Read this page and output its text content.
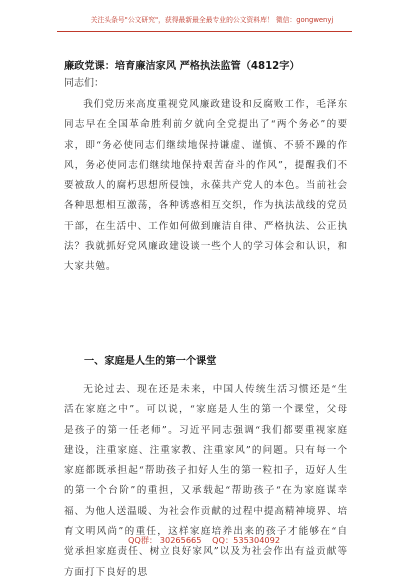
关注头条号"公文研究"，获得最新最全最专业的公文资料库！ 微信：gongwenyj
廉政党课：培育廉洁家风 严格执法监管（4812字）
同志们：
我们党历来高度重视党风廉政建设和反腐败工作，毛泽东同志早在全国革命胜利前夕就向全党提出了“两个务必”的要求，即“务必使同志们继续地保持谦虚、谨慎、不骄不躁的作风，务必使同志们继续地保持艰苦奋斗的作风”，提醒我们不要被敌人的腐朽思想所侵蚀，永葆共产党人的本色。当前社会各种思想相互激荡，各种诱惑相互交织，作为执法战线的党员干部，在生活中、工作如何做到廉洁自律、严格执法、公正执法？我就抓好党风廉政建设谈一些个人的学习体会和认识，和大家共勉。
一、家庭是人生的第一个课堂
无论过去、现在还是未来，中国人传统生活习惯还是“生活在家庭之中”。可以说，“家庭是人生的第一个课堂，父母是孩子的第一任老师”。习近平同志强调“我们都要重视家庭建设，注重家庭、注重家教、注重家风”的问题。只有每一个家庭都既承担起“帮助孩子扣好人生的第一粒扣子，迈好人生的第一个台阶”的重担，又承载起“帮助孩子“在为家庭谋幸福、为他人送温暖、为社会作贡献的过程中提高精神境界、培育文明风尚”的重任，这样家庭培养出来的孩子才能够在“自觉承担家庭责任、树立良好家风”以及为社会作出有益贡献等方面打下良好的思
QQ群： 30265665 QQ：535304092
